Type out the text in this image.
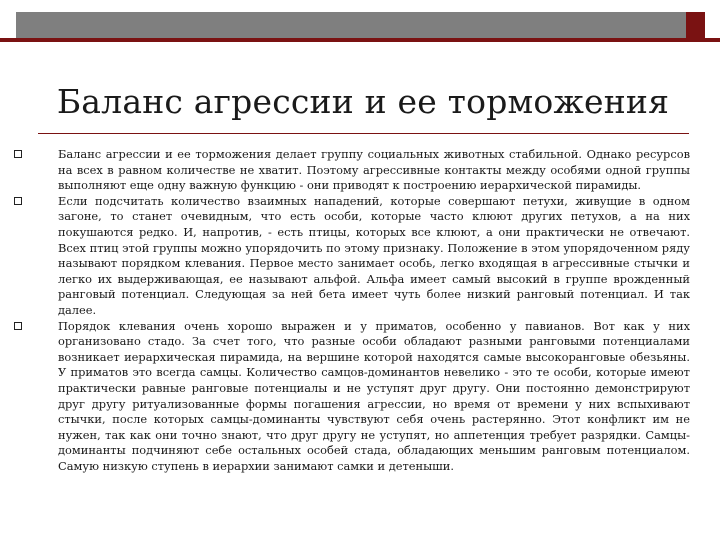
Баланс агрессии и ее торможения
Баланс агрессии и ее торможения делает группу социальных животных стабильной. Однако ресурсов на всех в равном количестве не хватит. Поэтому агрессивные контакты между особями одной группы выполняют еще одну важную функцию - они приводят к построению иерархической пирамиды.
Если подсчитать количество взаимных нападений, которые совершают петухи, живущие в одном загоне, то станет очевидным, что есть особи, которые часто клюют других петухов, а на них покушаются редко. И, напротив, - есть птицы, которых все клюют, а они практически не отвечают. Всех птиц этой группы можно упорядочить по этому признаку. Положение в этом упорядоченном ряду называют порядком клевания. Первое место занимает особь, легко входящая в агрессивные стычки и легко их выдерживающая, ее называют альфой. Альфа имеет самый высокий в группе врожденный ранговый потенциал. Следующая за ней бета имеет чуть более низкий ранговый потенциал. И так далее.
Порядок клевания очень хорошо выражен и у приматов, особенно у павианов. Вот как у них организовано стадо. За счет того, что разные особи обладают разными ранговыми потенциалами возникает иерархическая пирамида, на вершине которой находятся самые высокоранговые обезьяны. У приматов это всегда самцы. Количество самцов-доминантов невелико - это те особи, которые имеют практически равные ранговые потенциалы и не уступят друг другу. Они постоянно демонстрируют друг другу ритуализованные формы погашения агрессии, но время от времени у них вспыхивают стычки, после которых самцы-доминанты чувствуют себя очень растерянно. Этот конфликт им не нужен, так как они точно знают, что друг другу не уступят, но аппетенция требует разрядки. Самцы-доминанты подчиняют себе остальных особей стада, обладающих меньшим ранговым потенциалом. Самую низкую ступень в иерархии занимают самки и детеныши.
